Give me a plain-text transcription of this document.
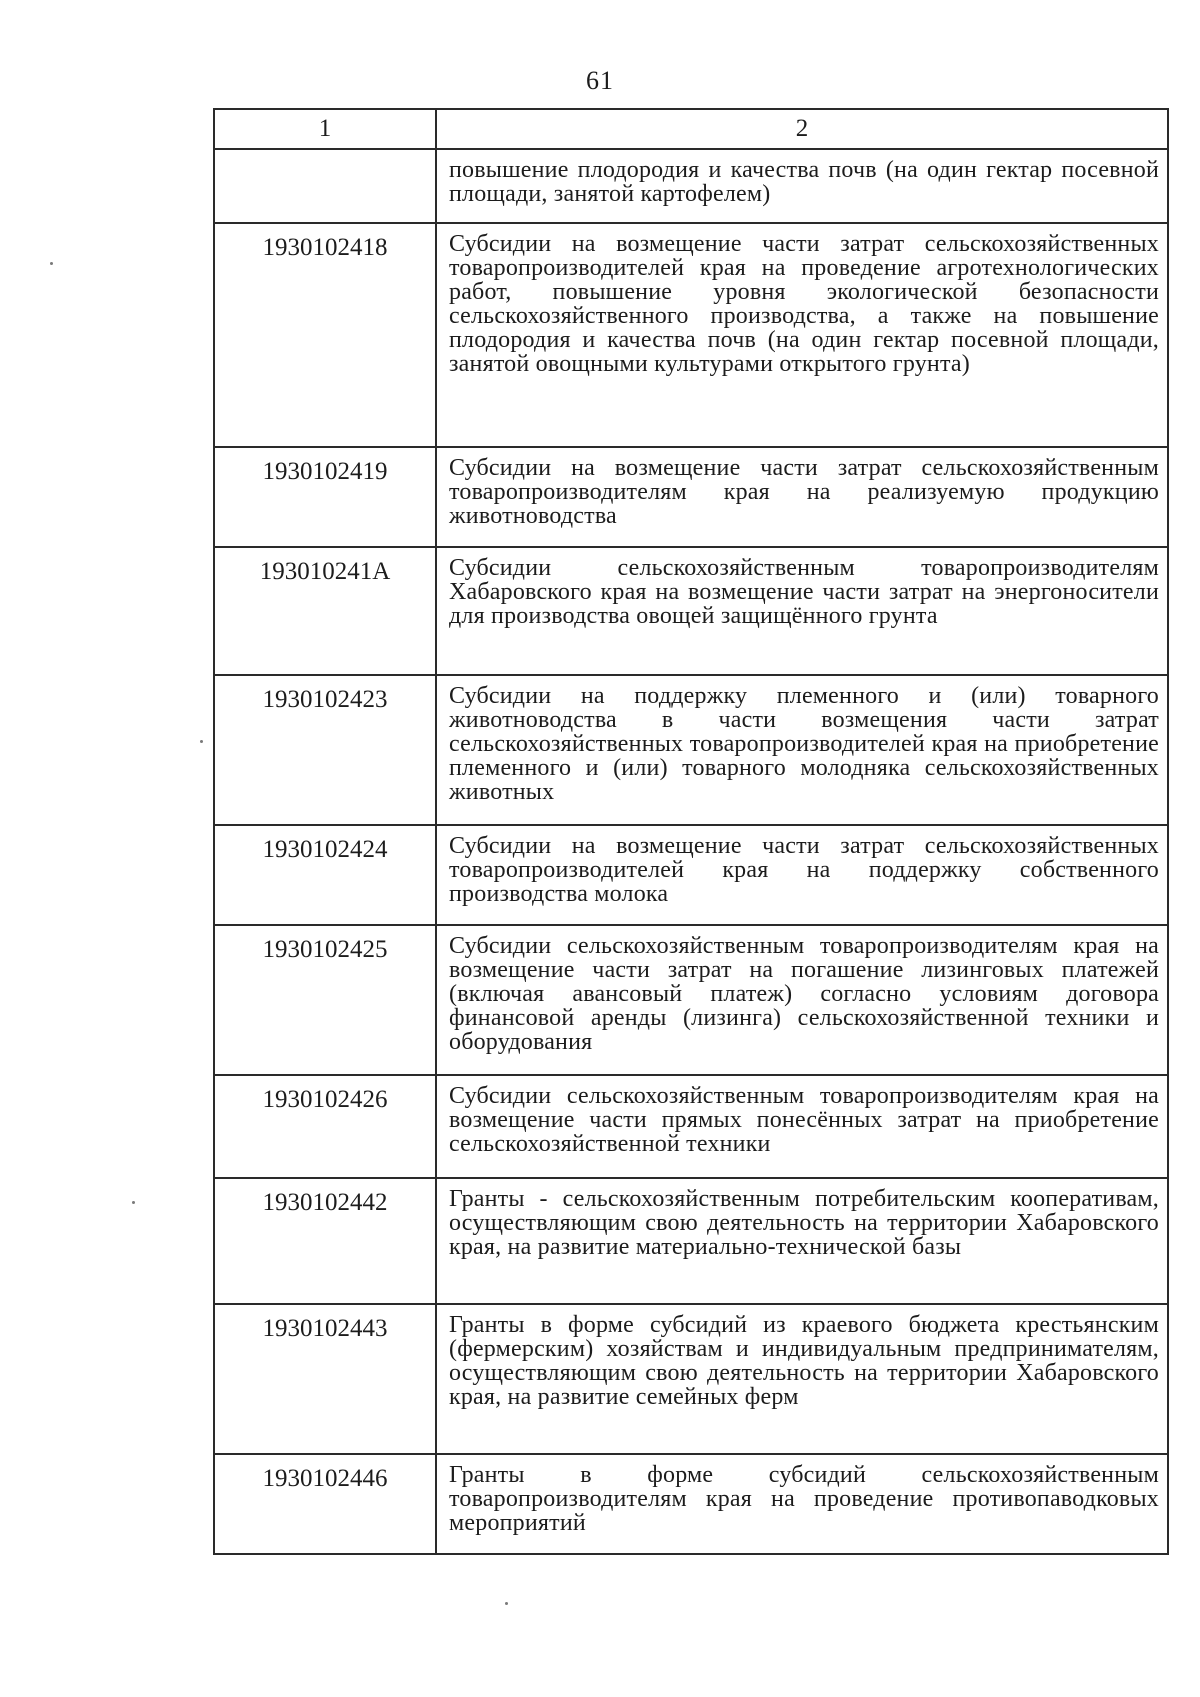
61
1	2
	повышение плодородия и качества почв (на один гектар посевной площади, занятой картофелем)
1930102418	Субсидии на возмещение части затрат сельскохозяйственных товаропроизводителей края на проведение агротехнологических работ, повышение уровня экологической безопасности сельскохозяйственного производства, а также на повышение плодородия и качества почв (на один гектар посевной площади, занятой овощными культурами открытого грунта)
1930102419	Субсидии на возмещение части затрат сельскохозяйственным товаропроизводителям края на реализуемую продукцию животноводства
193010241А	Субсидии сельскохозяйственным товаропроизводителям Хабаровского края на возмещение части затрат на энергоносители для производства овощей защищённого грунта
1930102423	Субсидии на поддержку племенного и (или) товарного животноводства в части возмещения части затрат сельскохозяйственных товаропроизводителей края на приобретение племенного и (или) товарного молодняка сельскохозяйственных животных
1930102424	Субсидии на возмещение части затрат сельскохозяйственных товаропроизводителей края на поддержку собственного производства молока
1930102425	Субсидии сельскохозяйственным товаропроизводителям края на возмещение части затрат на погашение лизинговых платежей (включая авансовый платеж) согласно условиям договора финансовой аренды (лизинга) сельскохозяйственной техники и оборудования
1930102426	Субсидии сельскохозяйственным товаропроизводителям края на возмещение части прямых понесённых затрат на приобретение сельскохозяйственной техники
1930102442	Гранты - сельскохозяйственным потребительским кооперативам, осуществляющим свою деятельность на территории Хабаровского края, на развитие материально-технической базы
1930102443	Гранты в форме субсидий из краевого бюджета крестьянским (фермерским) хозяйствам и индивидуальным предпринимателям, осуществляющим свою деятельность на территории Хабаровского края, на развитие семейных ферм
1930102446	Гранты в форме субсидий сельскохозяйственным товаропроизводителям края на проведение противопаводковых мероприятий
